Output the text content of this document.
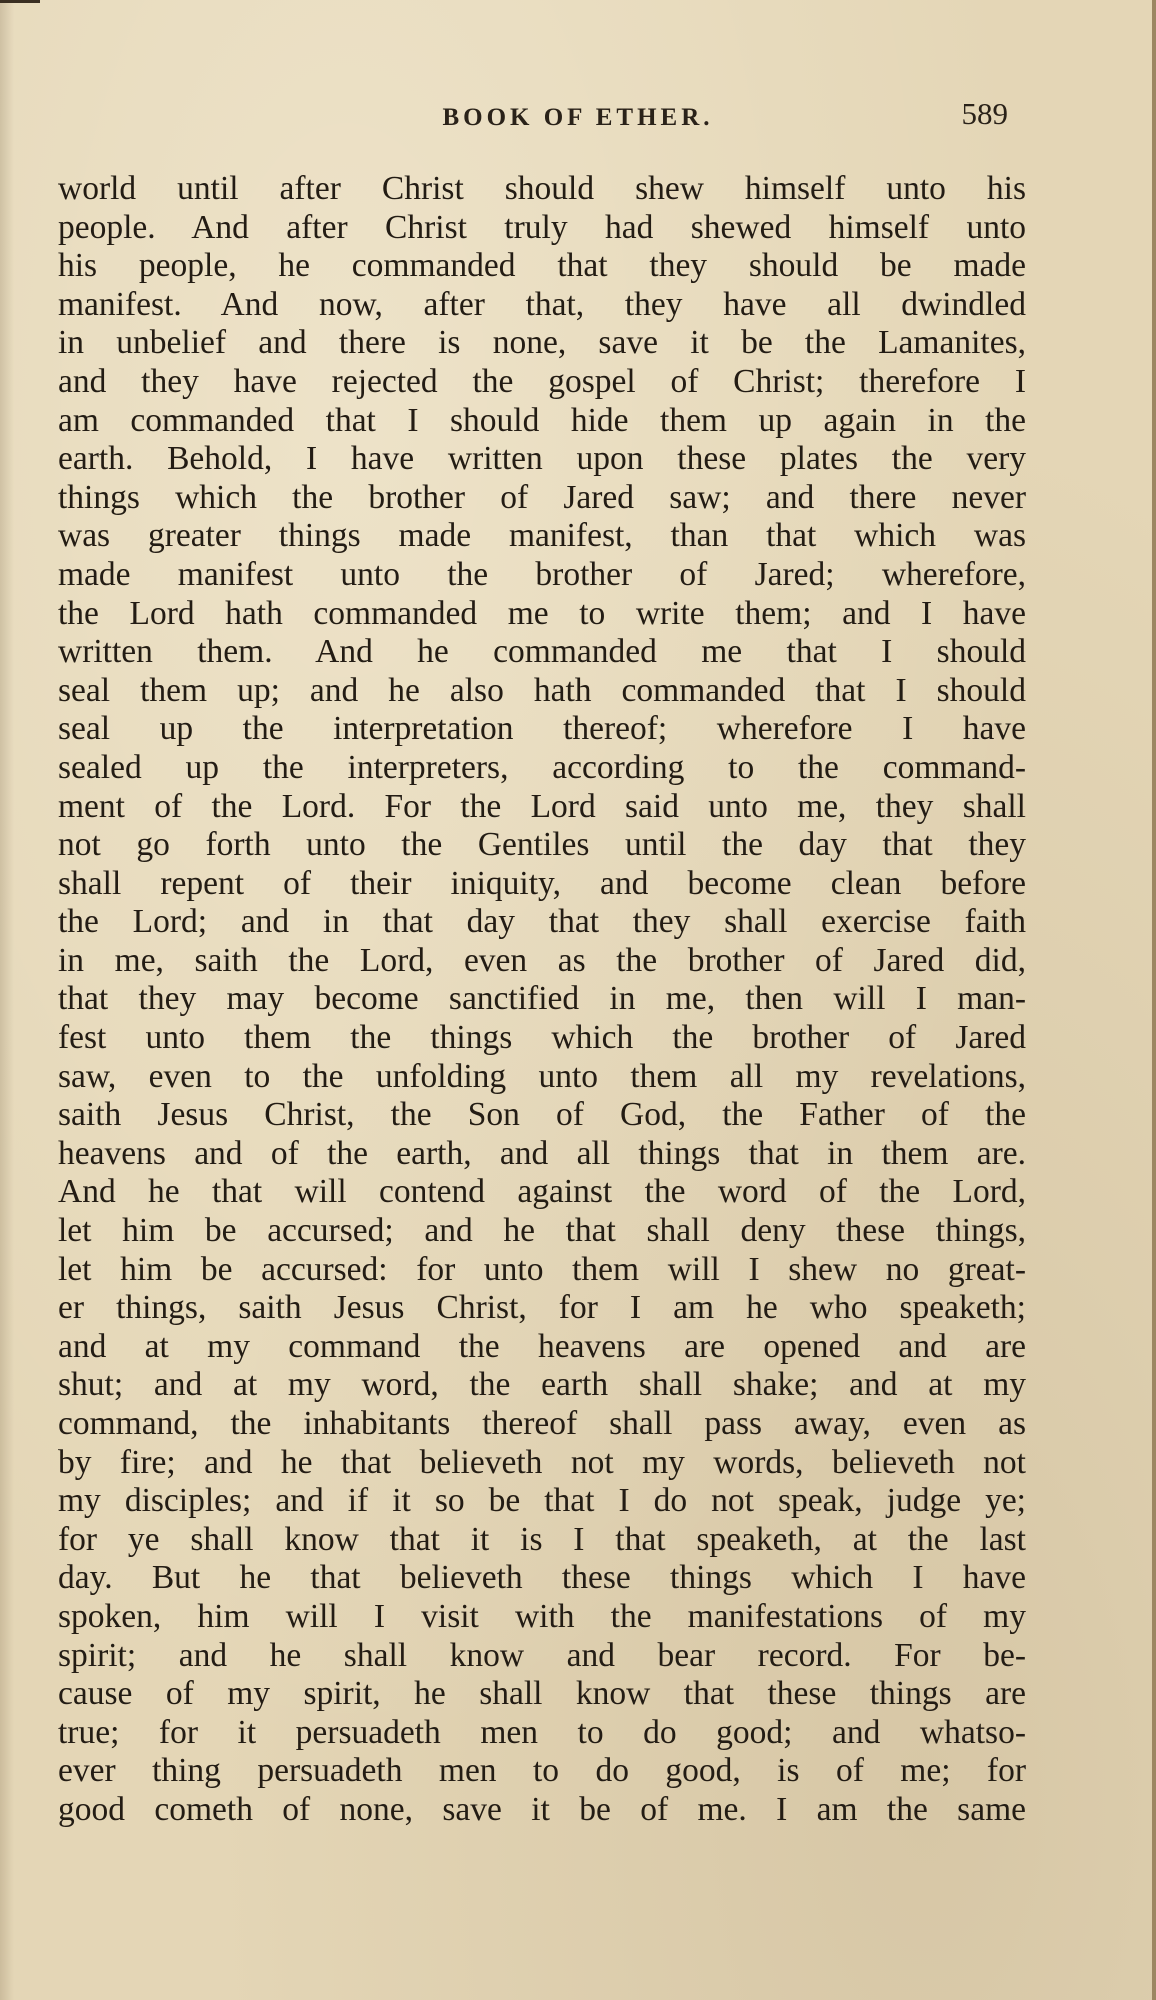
BOOK OF ETHER.	589
world until after Christ should shew himself unto his
people. And after Christ truly had shewed himself unto
his people, he commanded that they should be made
manifest. And now, after that, they have all dwindled
in unbelief and there is none, save it be the Lamanites,
and they have rejected the gospel of Christ; therefore I
am commanded that I should hide them up again in the
earth. Behold, I have written upon these plates the very
things which the brother of Jared saw; and there never
was greater things made manifest, than that which was
made manifest unto the brother of Jared; wherefore,
the Lord hath commanded me to write them; and I have
written them. And he commanded me that I should
seal them up; and he also hath commanded that I should
seal up the interpretation thereof; wherefore I have
sealed up the interpreters, according to the command-
ment of the Lord. For the Lord said unto me, they shall
not go forth unto the Gentiles until the day that they
shall repent of their iniquity, and become clean before
the Lord; and in that day that they shall exercise faith
in me, saith the Lord, even as the brother of Jared did,
that they may become sanctified in me, then will I man-
fest unto them the things which the brother of Jared
saw, even to the unfolding unto them all my revelations,
saith Jesus Christ, the Son of God, the Father of the
heavens and of the earth, and all things that in them are.
And he that will contend against the word of the Lord,
let him be accursed; and he that shall deny these things,
let him be accursed: for unto them will I shew no great-
er things, saith Jesus Christ, for I am he who speaketh;
and at my command the heavens are opened and are
shut; and at my word, the earth shall shake; and at my
command, the inhabitants thereof shall pass away, even as
by fire; and he that believeth not my words, believeth not
my disciples; and if it so be that I do not speak, judge ye;
for ye shall know that it is I that speaketh, at the last
day. But he that believeth these things which I have
spoken, him will I visit with the manifestations of my
spirit; and he shall know and bear record. For be-
cause of my spirit, he shall know that these things are
true; for it persuadeth men to do good; and whatso-
ever thing persuadeth men to do good, is of me; for
good cometh of none, save it be of me. I am the same
